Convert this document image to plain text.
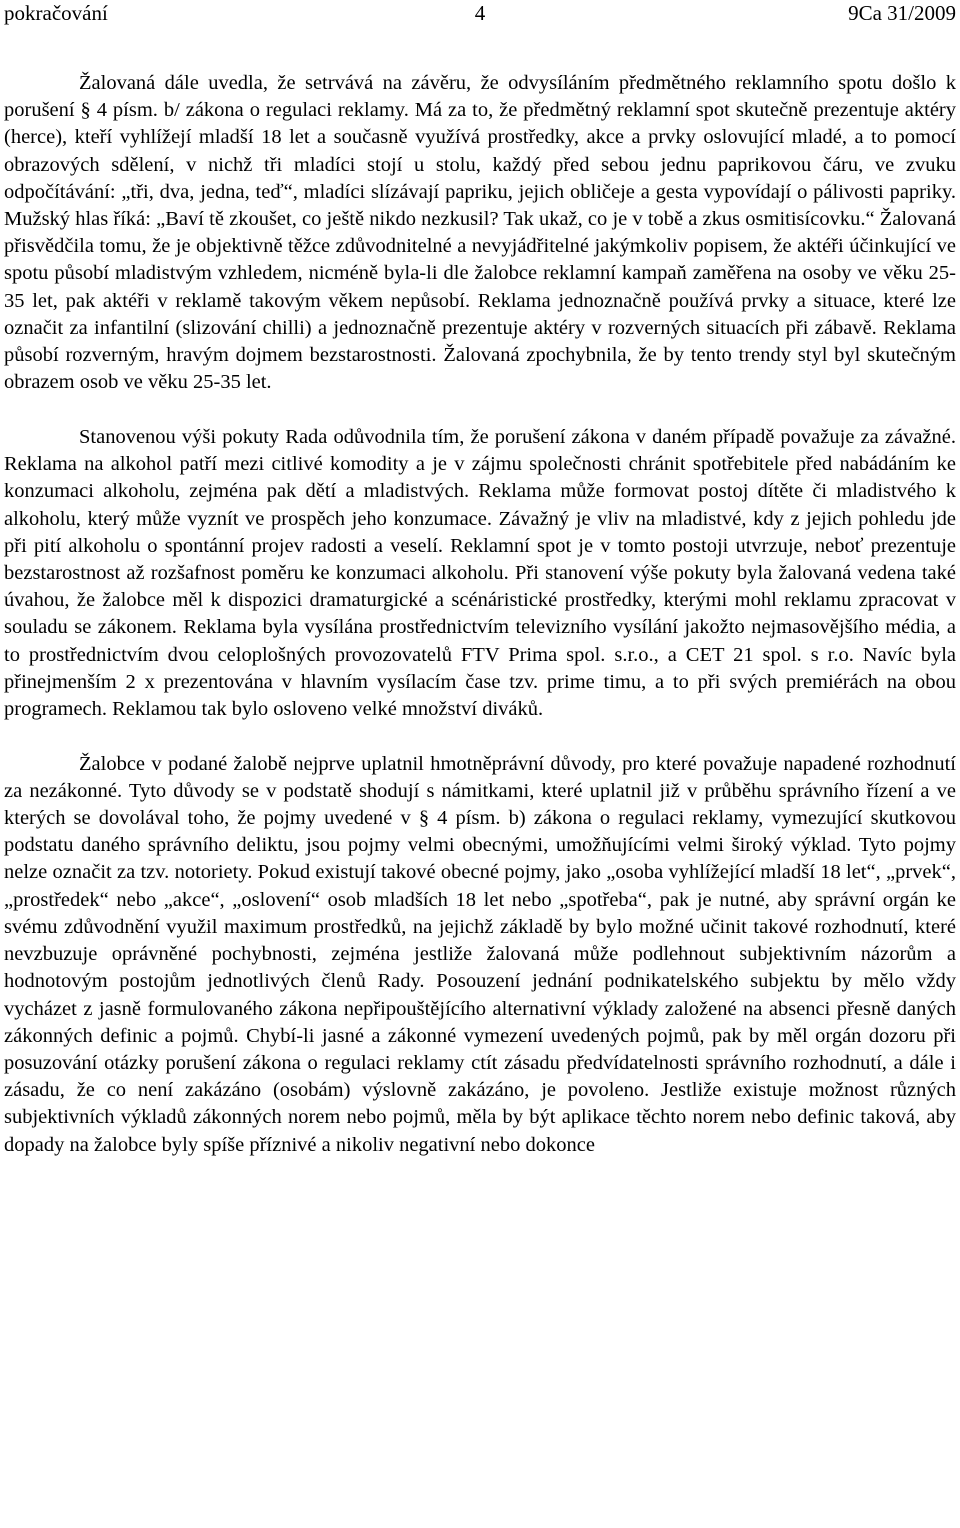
4
pokračování	9Ca 31/2009

Žalovaná dále uvedla, že setrvává na závěru, že odvysíláním předmětného reklamního spotu došlo k porušení § 4 písm. b/ zákona o regulaci reklamy. Má za to, že předmětný reklamní spot skutečně prezentuje aktéry (herce), kteří vyhlížejí mladší 18 let a současně využívá prostředky, akce a prvky oslovující mladé, a to pomocí obrazových sdělení, v nichž tři mladíci stojí u stolu, každý před sebou jednu paprikovou čáru, ve zvuku odpočítávání: „tři, dva, jedna, teď“, mladíci slízávají papriku, jejich obličeje a gesta vypovídají o pálivosti papriky. Mužský hlas říká: „Baví tě zkoušet, co ještě nikdo nezkusil? Tak ukaž, co je v tobě a zkus osmitisícovku.“ Žalovaná přisvědčila tomu, že je objektivně těžce zdůvodnitelné a nevyjádřitelné jakýmkoliv popisem, že aktéři účinkující ve spotu působí mladistvým vzhledem, nicméně byla-li dle žalobce reklamní kampaň zaměřena na osoby ve věku 25-35 let, pak aktéři v reklamě takovým věkem nepůsobí. Reklama jednoznačně používá prvky a situace, které lze označit za infantilní (slizování chilli) a jednoznačně prezentuje aktéry v rozverných situacích při zábavě. Reklama působí rozverným, hravým dojmem bezstarostnosti. Žalovaná zpochybnila, že by tento trendy styl byl skutečným obrazem osob ve věku 25-35 let.

Stanovenou výši pokuty Rada odůvodnila tím, že porušení zákona v daném případě považuje za závažné. Reklama na alkohol patří mezi citlivé komodity a je v zájmu společnosti chránit spotřebitele před nabádáním ke konzumaci alkoholu, zejména pak dětí a mladistvých. Reklama může formovat postoj dítěte či mladistvého k alkoholu, který může vyznít ve prospěch jeho konzumace. Závažný je vliv na mladistvé, kdy z jejich pohledu jde při pití alkoholu o spontánní projev radosti a veselí. Reklamní spot je v tomto postoji utvrzuje, neboť prezentuje bezstarostnost až rozšafnost poměru ke konzumaci alkoholu. Při stanovení výše pokuty byla žalovaná vedena také úvahou, že žalobce měl k dispozici dramaturgické a scénáristické prostředky, kterými mohl reklamu zpracovat v souladu se zákonem. Reklama byla vysílána prostřednictvím televizního vysílání jakožto nejmasovějšího média, a to prostřednictvím dvou celoplošných provozovatelů FTV Prima spol. s.r.o., a CET 21 spol. s r.o. Navíc byla přinejmenším 2 x prezentována v hlavním vysílacím čase tzv. prime timu, a to při svých premiérách na obou programech. Reklamou tak bylo osloveno velké množství diváků.

Žalobce v podané žalobě nejprve uplatnil hmotněprávní důvody, pro které považuje napadené rozhodnutí za nezákonné. Tyto důvody se v podstatě shodují s námitkami, které uplatnil již v průběhu správního řízení a ve kterých se dovolával toho, že pojmy uvedené v § 4 písm. b) zákona o regulaci reklamy, vymezující skutkovou podstatu daného správního deliktu, jsou pojmy velmi obecnými, umožňujícími velmi široký výklad. Tyto pojmy nelze označit za tzv. notoriety. Pokud existují takové obecné pojmy, jako „osoba vyhlížející mladší 18 let“, „prvek“, „prostředek“ nebo „akce“, „oslovení“ osob mladších 18 let nebo „spotřeba“, pak je nutné, aby správní orgán ke svému zdůvodnění využil maximum prostředků, na jejichž základě by bylo možné učinit takové rozhodnutí, které nevzbuzuje oprávněné pochybnosti, zejména jestliže žalovaná může podlehnout subjektivním názorům a hodnotovým postojům jednotlivých členů Rady. Posouzení jednání podnikatelského subjektu by mělo vždy vycházet z jasně formulovaného zákona nepřipouštějícího alternativní výklady založené na absenci přesně daných zákonných definic a pojmů. Chybí-li jasné a zákonné vymezení uvedených pojmů, pak by měl orgán dozoru při posuzování otázky porušení zákona o regulaci reklamy ctít zásadu předvídatelnosti správního rozhodnutí, a dále i zásadu, že co není zakázáno (osobám) výslovně zakázáno, je povoleno. Jestliže existuje možnost různých subjektivních výkladů zákonných norem nebo pojmů, měla by být aplikace těchto norem nebo definic taková, aby dopady na žalobce byly spíše příznivé a nikoliv negativní nebo dokonce
